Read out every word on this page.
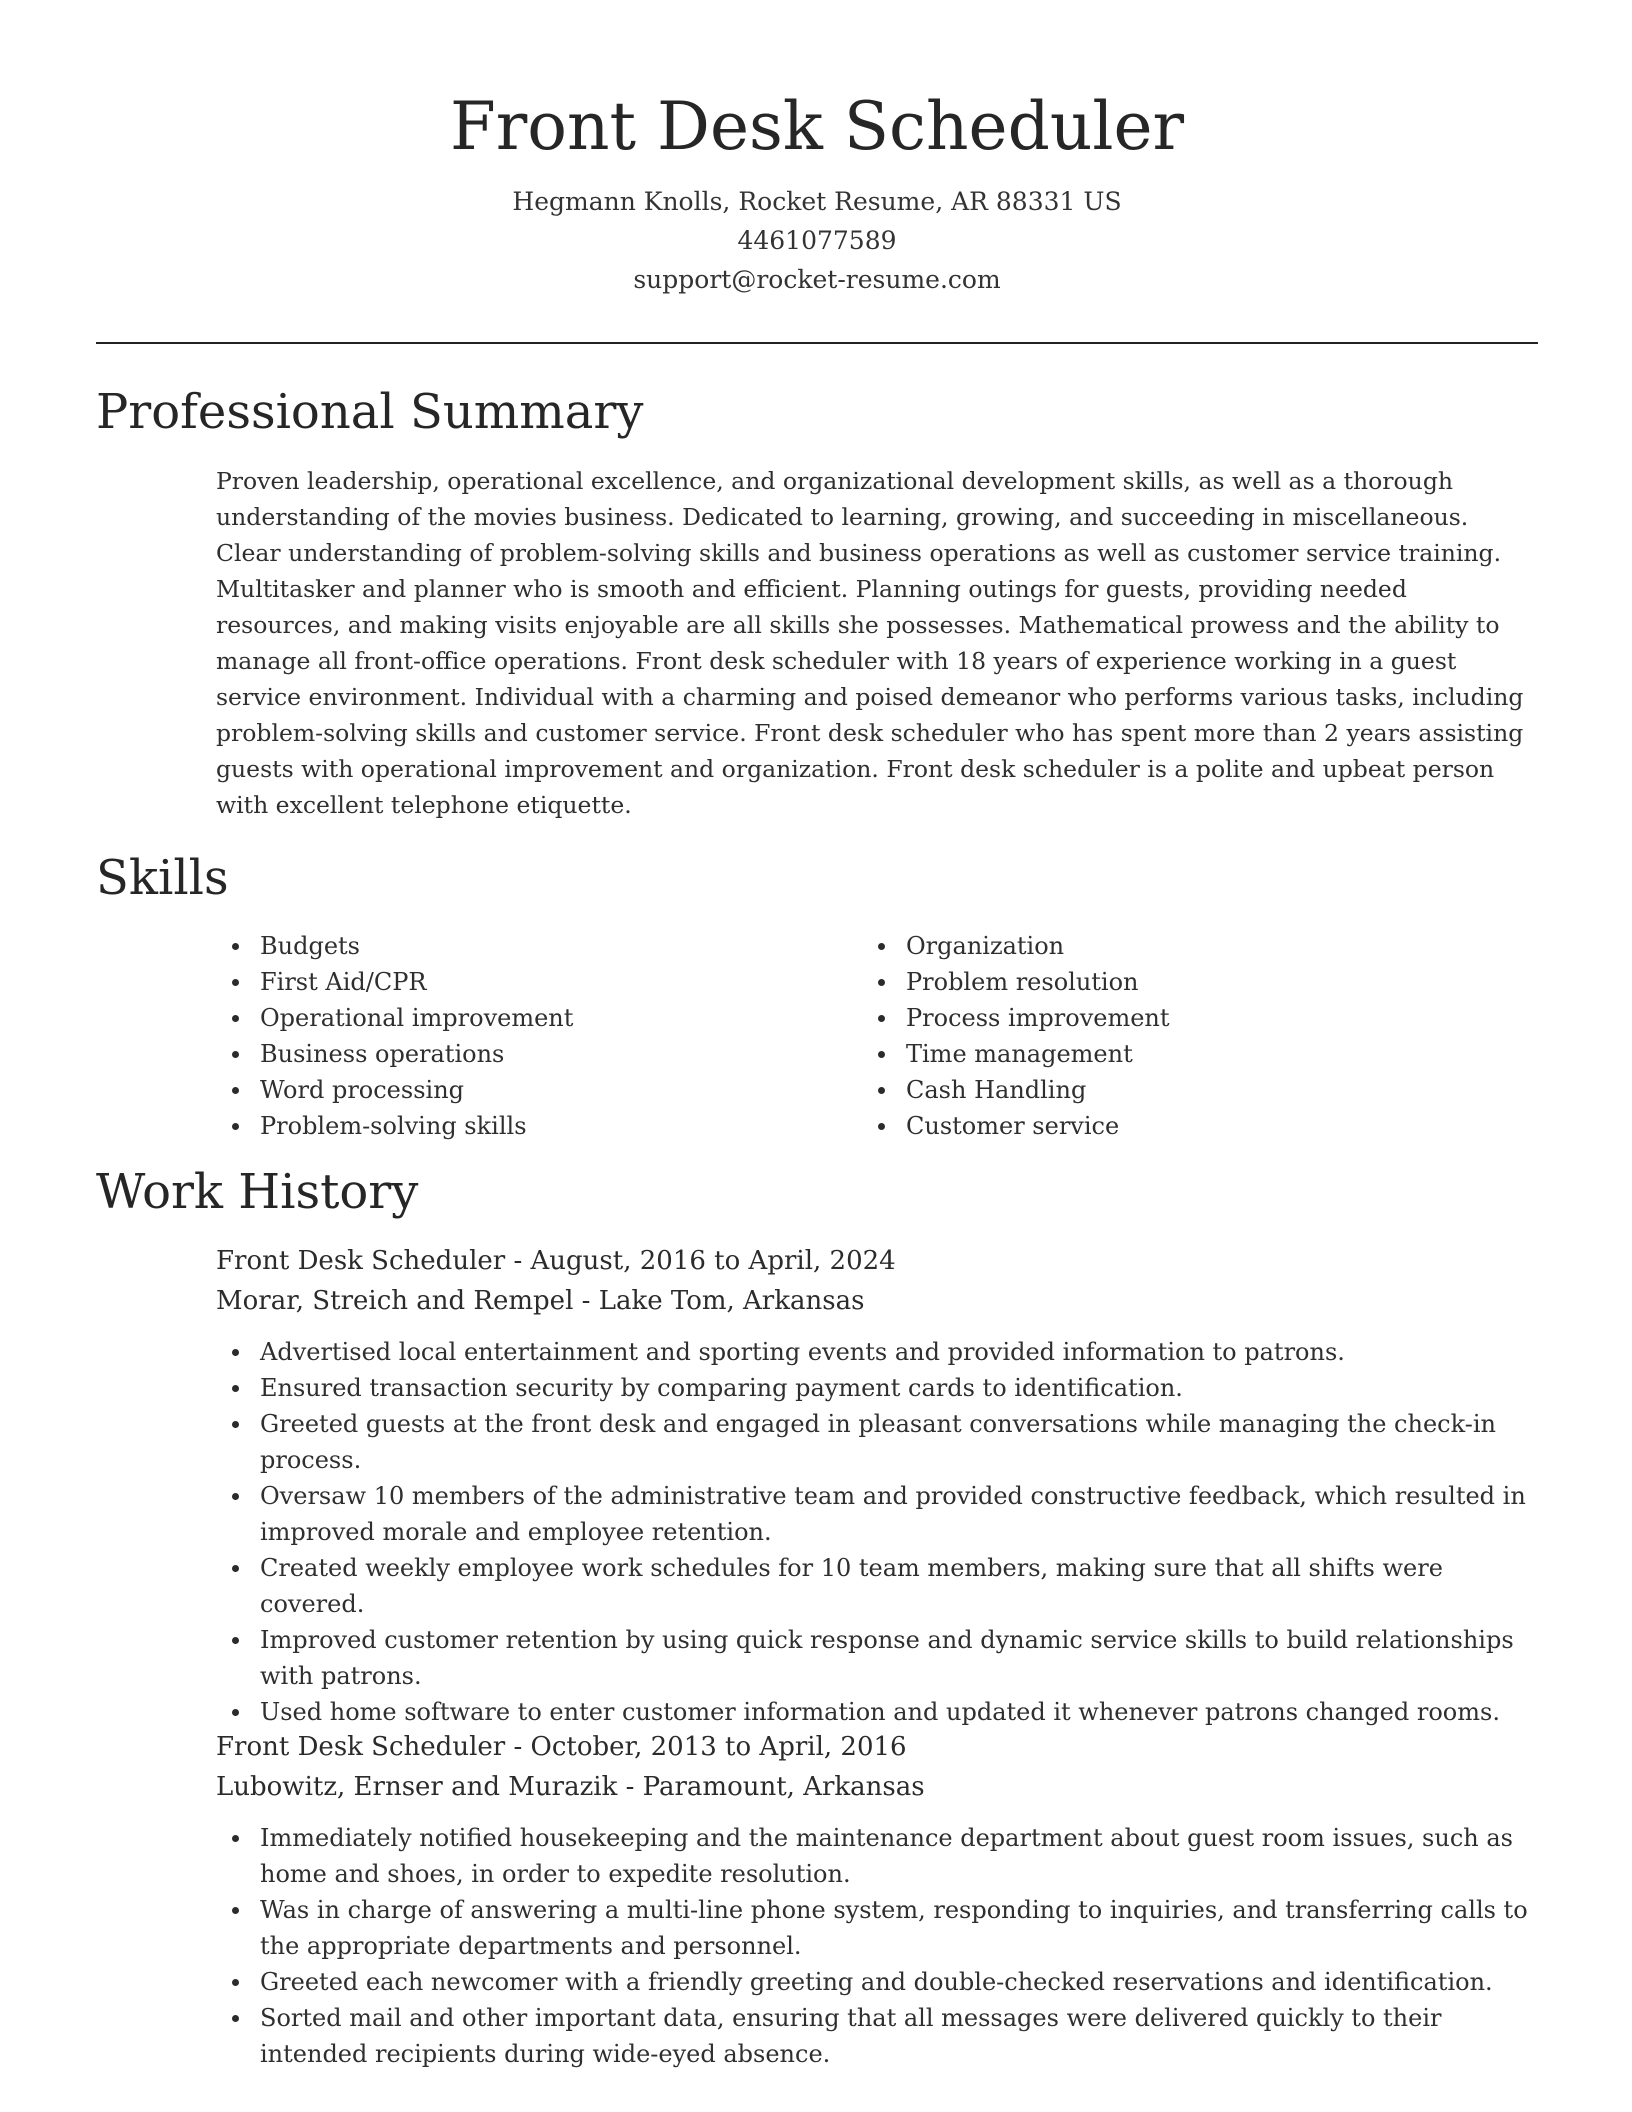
Front Desk Scheduler
Hegmann Knolls, Rocket Resume, AR 88331 US
4461077589
support@rocket-resume.com
Professional Summary

Proven leadership, operational excellence, and organizational development skills, as well as a thorough understanding of the movies business. Dedicated to learning, growing, and succeeding in miscellaneous. Clear understanding of problem-solving skills and business operations as well as customer service training. Multitasker and planner who is smooth and efficient. Planning outings for guests, providing needed resources, and making visits enjoyable are all skills she possesses. Mathematical prowess and the ability to manage all front-office operations. Front desk scheduler with 18 years of experience working in a guest service environment. Individual with a charming and poised demeanor who performs various tasks, including problem-solving skills and customer service. Front desk scheduler who has spent more than 2 years assisting guests with operational improvement and organization. Front desk scheduler is a polite and upbeat person with excellent telephone etiquette.

Skills
Budgets
First Aid/CPR
Operational improvement
Business operations
Word processing
Problem-solving skills
Organization
Problem resolution
Process improvement
Time management
Cash Handling
Customer service
Work History
Front Desk Scheduler - August, 2016 to April, 2024
Morar, Streich and Rempel - Lake Tom, Arkansas
Advertised local entertainment and sporting events and provided information to patrons.
Ensured transaction security by comparing payment cards to identification.
Greeted guests at the front desk and engaged in pleasant conversations while managing the check-in process.
Oversaw 10 members of the administrative team and provided constructive feedback, which resulted in improved morale and employee retention.
Created weekly employee work schedules for 10 team members, making sure that all shifts were covered.
Improved customer retention by using quick response and dynamic service skills to build relationships with patrons.
Used home software to enter customer information and updated it whenever patrons changed rooms.
Front Desk Scheduler - October, 2013 to April, 2016
Lubowitz, Ernser and Murazik - Paramount, Arkansas
Immediately notified housekeeping and the maintenance department about guest room issues, such as home and shoes, in order to expedite resolution.
Was in charge of answering a multi-line phone system, responding to inquiries, and transferring calls to the appropriate departments and personnel.
Greeted each newcomer with a friendly greeting and double-checked reservations and identification.
Sorted mail and other important data, ensuring that all messages were delivered quickly to their intended recipients during wide-eyed absence.
